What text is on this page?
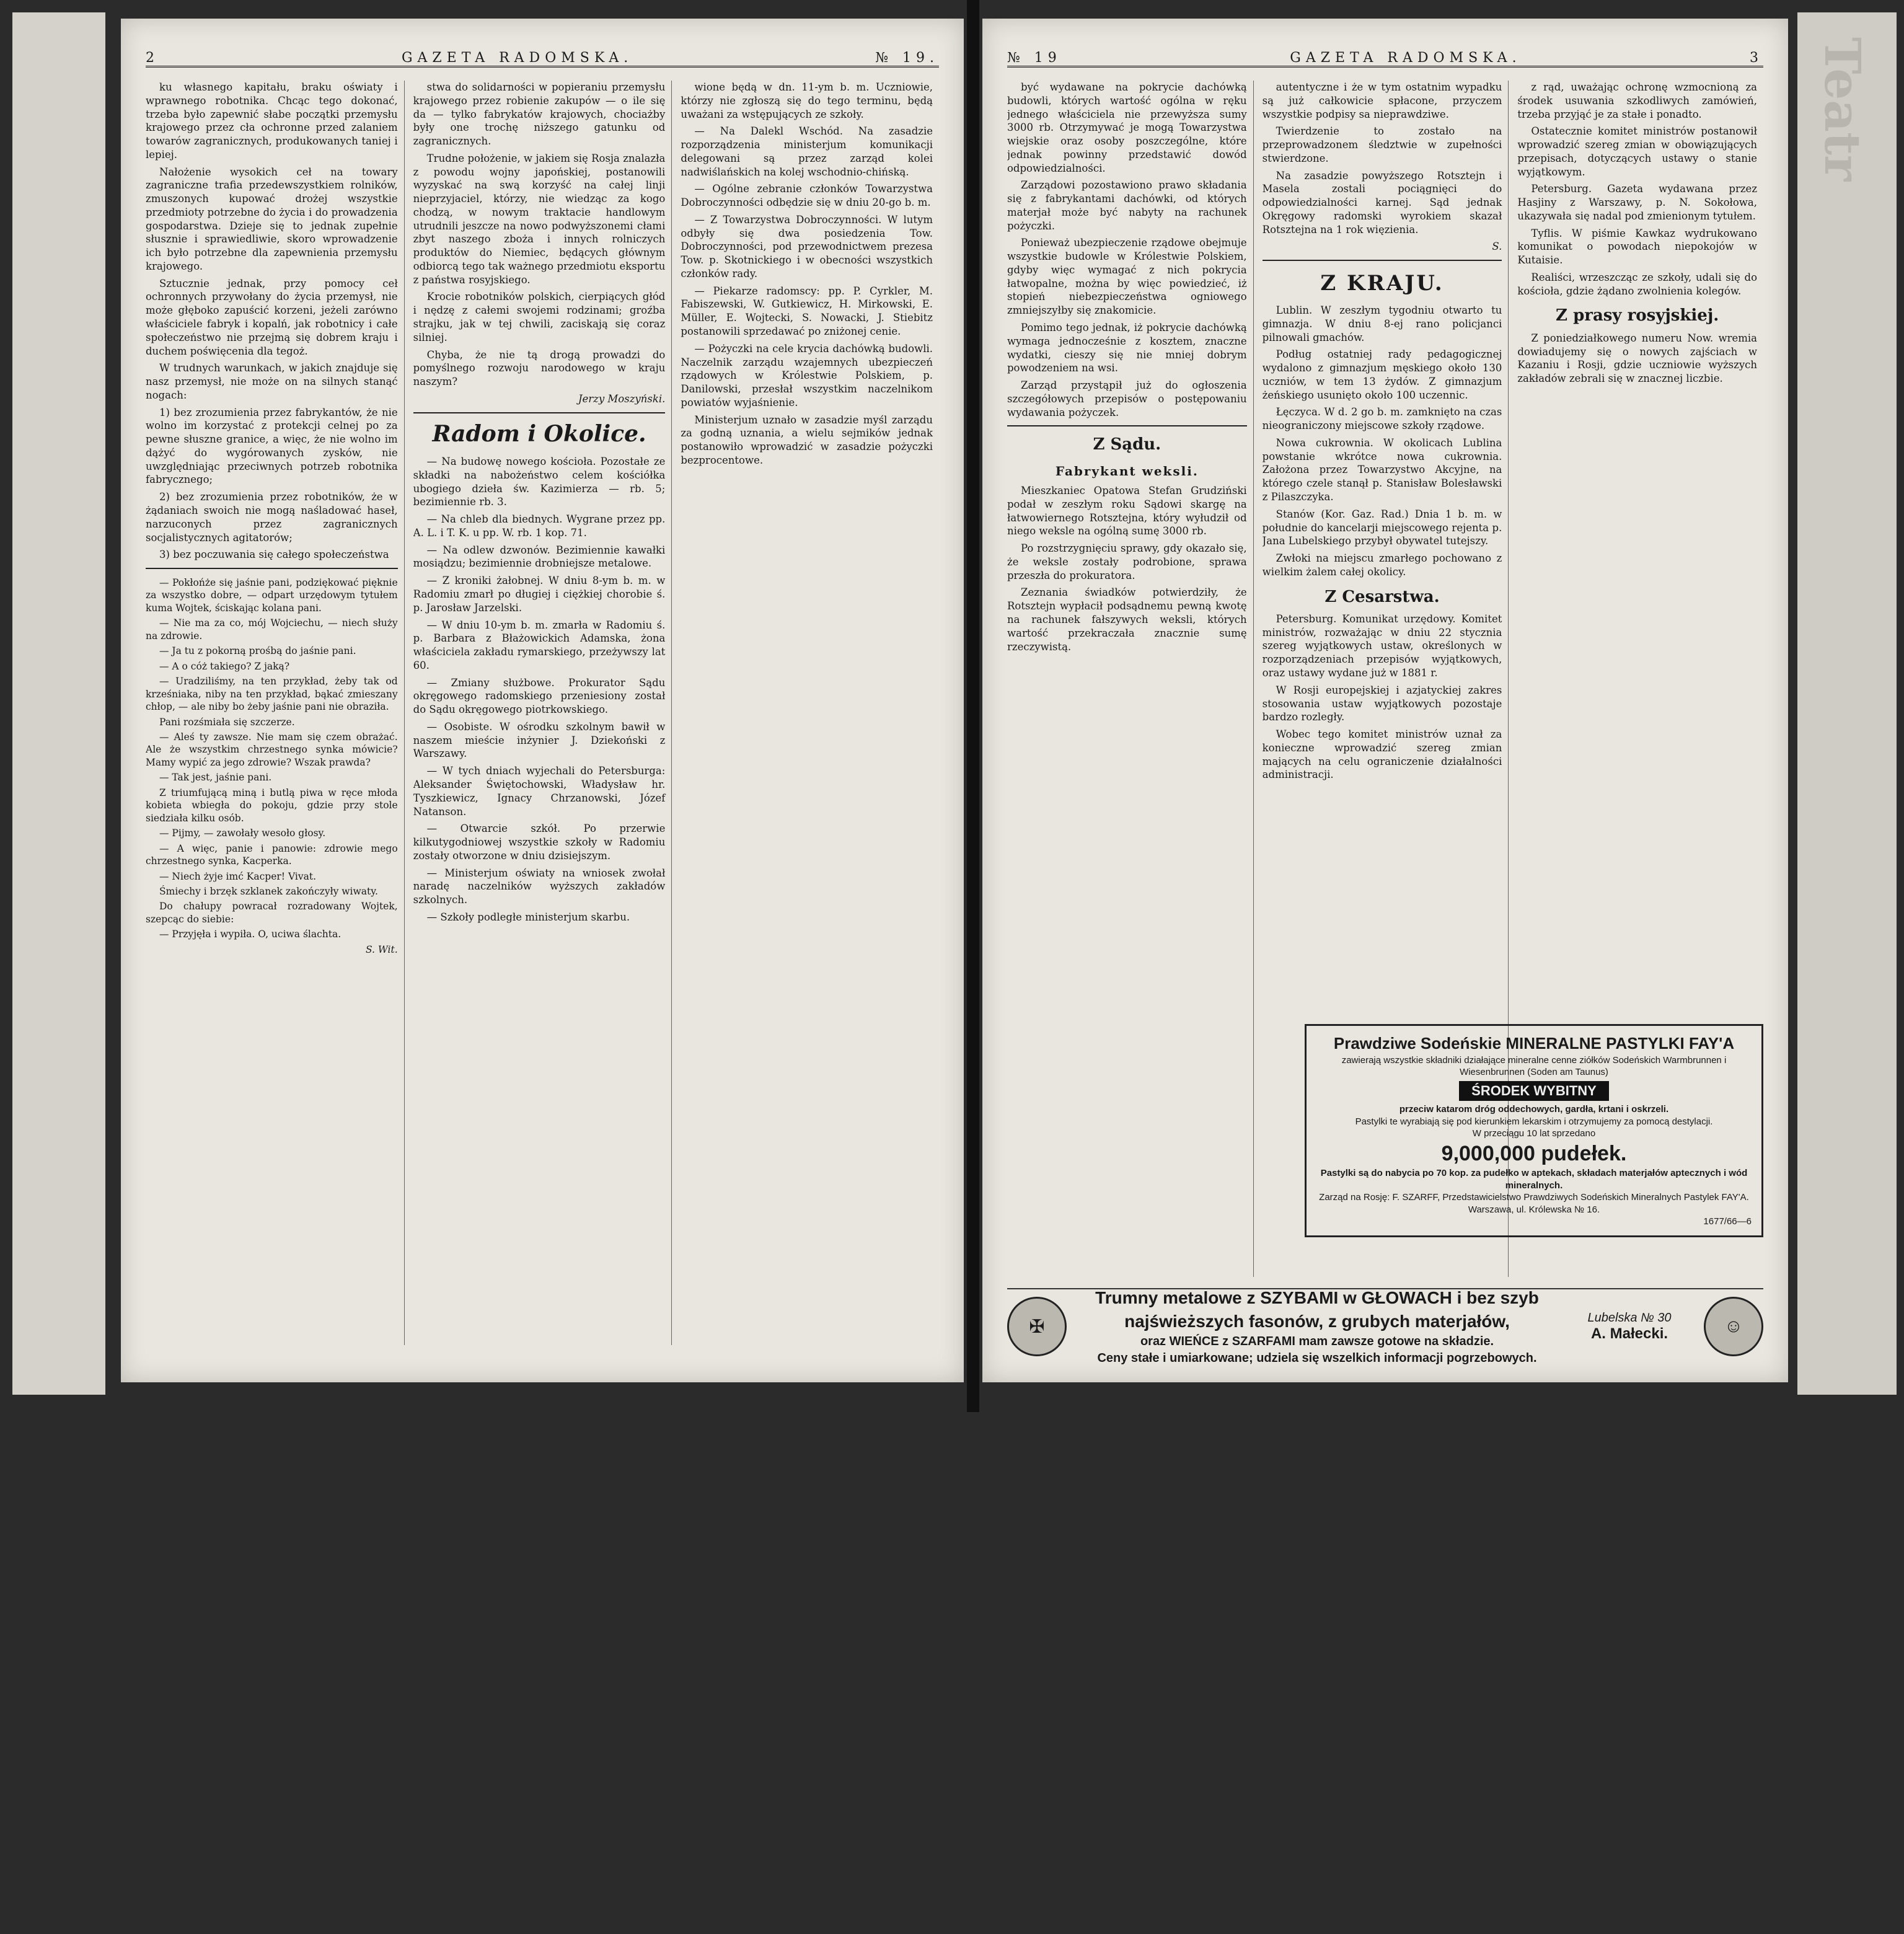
2	GAZETA RADOMSKA.	№ 19.

ku własnego kapitału, braku oświaty i wprawnego robotnika. Chcąc tego dokonać, trzeba było zapewnić słabe początki przemysłu krajowego przez cła ochronne przed zalaniem towarów zagranicznych, produkowanych taniej i lepiej.

Nałożenie wysokich ceł na towary zagraniczne trafia przedewszystkiem rolników, zmuszonych kupować drożej wszystkie przedmioty potrzebne do życia i do prowadzenia gospodarstwa. Dzieje się to jednak zupełnie słusznie i sprawiedliwie, skoro wprowadzenie ich było potrzebne dla zapewnienia przemysłu krajowego.

Sztucznie jednak, przy pomocy ceł ochronnych przywołany do życia przemysł, nie może głęboko zapuścić korzeni, jeżeli zarówno właściciele fabryk i kopalń, jak robotnicy i całe społeczeństwo nie przejmą się dobrem kraju i duchem poświęcenia dla tegoż.

W trudnych warunkach, w jakich znajduje się nasz przemysł, nie może on na silnych stanąć nogach:

1) bez zrozumienia przez fabrykantów, że nie wolno im korzystać z protekcji celnej po za pewne słuszne granice, a więc, że nie wolno im dążyć do wygórowanych zysków, nie uwzględniając przeciwnych potrzeb robotnika fabrycznego;

2) bez zrozumienia przez robotników, że w żądaniach swoich nie mogą naśladować haseł, narzuconych przez zagranicznych socjalistycznych agitatorów;

3) bez poczuwania się całego społeczeństwa

— Pokłońże się jaśnie pani, podziękować pięknie za wszystko dobre, — odpart urzędowym tytułem kuma Wojtek, ściskając kolana pani.

— Nie ma za co, mój Wojciechu, — niech służy na zdrowie.

— Ja tu z pokorną prośbą do jaśnie pani.

— A o cóż takiego? Z jaką?

— Uradziliśmy, na ten przykład, żeby tak od krześniaka, niby na ten przykład, bąkać zmieszany chłop, — ale niby bo żeby jaśnie pani nie obraziła.

Pani rozśmiała się szczerze.

— Aleś ty zawsze. Nie mam się czem obrażać. Ale że wszystkim chrzestnego synka mówicie? Mamy wypić za jego zdrowie? Wszak prawda?

— Tak jest, jaśnie pani.

Z triumfującą miną i butlą piwa w ręce młoda kobieta wbiegła do pokoju, gdzie przy stole siedziała kilku osób.

— Pijmy, — zawołały wesoło głosy.

— A więc, panie i panowie: zdrowie mego chrzestnego synka, Kacperka.

— Niech żyje imć Kacper! Vivat.

Śmiechy i brzęk szklanek zakończyły wiwaty.

Do chałupy powracał rozradowany Wojtek, szepcąc do siebie:

— Przyjęła i wypiła. O, uciwa ślachta.

S. Wit.

stwa do solidarności w popieraniu przemysłu krajowego przez robienie zakupów — o ile się da — tylko fabrykatów krajowych, chociażby były one trochę niższego gatunku od zagranicznych.

Trudne położenie, w jakiem się Rosja znalazła z powodu wojny japońskiej, postanowili wyzyskać na swą korzyść na całej linji nieprzyjaciel, którzy, nie wiedząc za kogo chodzą, w nowym traktacie handlowym utrudnili jeszcze na nowo podwyższonemi cłami zbyt naszego zboża i innych rolniczych produktów do Niemiec, będących głównym odbiorcą tego tak ważnego przedmiotu eksportu z państwa rosyjskiego.

Krocie robotników polskich, cierpiących głód i nędzę z całemi swojemi rodzinami; groźba strajku, jak w tej chwili, zaciskają się coraz silniej.

Chyba, że nie tą drogą prowadzi do pomyślnego rozwoju narodowego w kraju naszym?

Jerzy Moszyński.

Radom i Okolice.

— Na budowę nowego kościoła. Pozostałe ze składki na nabożeństwo celem kościółka ubogiego dzieła św. Kazimierza — rb. 5; bezimiennie rb. 3.

— Na chleb dla biednych. Wygrane przez pp. A. L. i T. K. u pp. W. rb. 1 kop. 71.

— Na odlew dzwonów. Bezimiennie kawałki mosiądzu; bezimiennie drobniejsze metalowe.

— Z kroniki żałobnej. W dniu 8-ym b. m. w Radomiu zmarł po długiej i ciężkiej chorobie ś. p. Jarosław Jarzelski.

— W dniu 10-ym b. m. zmarła w Radomiu ś. p. Barbara z Błażowickich Adamska, żona właściciela zakładu rymarskiego, przeżywszy lat 60.

— Zmiany służbowe. Prokurator Sądu okręgowego radomskiego przeniesiony został do Sądu okręgowego piotrkowskiego.

— Osobiste. W ośrodku szkolnym bawił w naszem mieście inżynier J. Dziekoński z Warszawy.

— W tych dniach wyjechali do Petersburga: Aleksander Świętochowski, Władysław hr. Tyszkiewicz, Ignacy Chrzanowski, Józef Natanson.

— Otwarcie szkół. Po przerwie kilkutygodniowej wszystkie szkoły w Radomiu zostały otworzone w dniu dzisiejszym.

— Ministerjum oświaty na wniosek zwołał naradę naczelników wyższych zakładów szkolnych.

— Szkoły podległe ministerjum skarbu.

wione będą w dn. 11-ym b. m. Uczniowie, którzy nie zgłoszą się do tego terminu, będą uważani za wstępujących ze szkoły.

— Na Dalekl Wschód. Na zasadzie rozporządzenia ministerjum komunikacji delegowani są przez zarząd kolei nadwiślańskich na kolej wschodnio-chińską.

— Ogólne zebranie członków Towarzystwa Dobroczynności odbędzie się w dniu 20-go b. m.

— Z Towarzystwa Dobroczynności. W lutym odbyły się dwa posiedzenia Tow. Dobroczynności, pod przewodnictwem prezesa Tow. p. Skotnickiego i w obecności wszystkich członków rady.

— Piekarze radomscy: pp. P. Cyrkler, M. Fabiszewski, W. Gutkiewicz, H. Mirkowski, E. Müller, E. Wojtecki, S. Nowacki, J. Stiebitz postanowili sprzedawać po zniżonej cenie.

— Pożyczki na cele krycia dachówką budowli. Naczelnik zarządu wzajemnych ubezpieczeń rządowych w Królestwie Polskiem, p. Danilowski, przesłał wszystkim naczelnikom powiatów wyjaśnienie.

Ministerjum uznało w zasadzie myśl zarządu za godną uznania, a wielu sejmików jednak postanowiło wprowadzić w zasadzie pożyczki bezprocentowe.

№ 19	GAZETA RADOMSKA.	3

być wydawane na pokrycie dachówką budowli, których wartość ogólna w ręku jednego właściciela nie przewyższa sumy 3000 rb. Otrzymywać je mogą Towarzystwa wiejskie oraz osoby poszczególne, które jednak powinny przedstawić dowód odpowiedzialności.

Zarządowi pozostawiono prawo składania się z fabrykantami dachówki, od których materjał może być nabyty na rachunek pożyczki.

Ponieważ ubezpieczenie rządowe obejmuje wszystkie budowle w Królestwie Polskiem, gdyby więc wymagać z nich pokrycia łatwopalne, można by więc powiedzieć, iż stopień niebezpieczeństwa ogniowego zmniejszyłby się znakomicie.

Pomimo tego jednak, iż pokrycie dachówką wymaga jednocześnie z kosztem, znaczne wydatki, cieszy się nie mniej dobrym powodzeniem na wsi.

Zarząd przystąpił już do ogłoszenia szczegółowych przepisów o postępowaniu wydawania pożyczek.

Z Sądu.
Fabrykant weksli.

Mieszkaniec Opatowa Stefan Grudziński podał w zeszłym roku Sądowi skargę na łatwowiernego Rotsztejna, który wyłudził od niego weksle na ogólną sumę 3000 rb.

Po rozstrzygnięciu sprawy, gdy okazało się, że weksle zostały podrobione, sprawa przeszła do prokuratora.

Zeznania świadków potwierdziły, że Rotsztejn wypłacił podsądnemu pewną kwotę na rachunek fałszywych weksli, których wartość przekraczała znacznie sumę rzeczywistą.

autentyczne i że w tym ostatnim wypadku są już całkowicie spłacone, przyczem wszystkie podpisy sa nieprawdziwe.

Twierdzenie to zostało na przeprowadzonem śledztwie w zupełności stwierdzone.

Na zasadzie powyższego Rotsztejn i Masela zostali pociągnięci do odpowiedzialności karnej. Sąd jednak Okręgowy radomski wyrokiem skazał Rotsztejna na 1 rok więzienia.

S.

Z KRAJU.

Lublin. W zeszłym tygodniu otwarto tu gimnazja. W dniu 8-ej rano policjanci pilnowali gmachów.

Podług ostatniej rady pedagogicznej wydalono z gimnazjum męskiego około 130 uczniów, w tem 13 żydów. Z gimnazjum żeńskiego usunięto około 100 uczennic.

Łęczyca. W d. 2 go b. m. zamknięto na czas nieograniczony miejscowe szkoły rządowe.

Nowa cukrownia. W okolicach Lublina powstanie wkrótce nowa cukrownia. Założona przez Towarzystwo Akcyjne, na którego czele stanął p. Stanisław Bolesławski z Pilaszczyka.

Stanów (Kor. Gaz. Rad.) Dnia 1 b. m. w południe do kancelarji miejscowego rejenta p. Jana Lubelskiego przybył obywatel tutejszy.

Zwłoki na miejscu zmarłego pochowano z wielkim żalem całej okolicy.

Z Cesarstwa.

Petersburg. Komunikat urzędowy. Komitet ministrów, rozważając w dniu 22 stycznia szereg wyjątkowych ustaw, określonych w rozporządzeniach przepisów wyjątkowych, oraz ustawy wydane już w 1881 r.

W Rosji europejskiej i azjatyckiej zakres stosowania ustaw wyjątkowych pozostaje bardzo rozległy.

Wobec tego komitet ministrów uznał za konieczne wprowadzić szereg zmian mających na celu ograniczenie działalności administracji.

z rąd, uważając ochronę wzmocnioną za środek usuwania szkodliwych zamówień, trzeba przyjąć je za stałe i ponadto.

Ostatecznie komitet ministrów postanowił wprowadzić szereg zmian w obowiązujących przepisach, dotyczących ustawy o stanie wyjątkowym.

Petersburg. Gazeta wydawana przez Hasjiny z Warszawy, p. N. Sokołowa, ukazywała się nadal pod zmienionym tytułem.

Tyflis. W piśmie Kawkaz wydrukowano komunikat o powodach niepokojów w Kutaisie.

Realiści, wrzeszcząc ze szkoły, udali się do kościoła, gdzie żądano zwolnienia kolegów.

Z prasy rosyjskiej.

Z poniedziałkowego numeru Now. wremia dowiadujemy się o nowych zajściach w Kazaniu i Rosji, gdzie uczniowie wyższych zakładów zebrali się w znacznej liczbie.

Prawdziwe Sodeńskie MINERALNE PASTYLKI FAY'A
zawierają wszystkie składniki działające mineralne cenne ziółków Sodeńskich Warmbrunnen i Wiesenbrunnen (Soden am Taunus)
ŚRODEK WYBITNY
przeciw katarom dróg oddechowych, gardła, krtani i oskrzeli.
Pastylki te wyrabiają się pod kierunkiem lekarskim i otrzymujemy za pomocą destylacji.
W przeciągu 10 lat sprzedano
9,000,000 pudełek.
Pastylki są do nabycia po 70 kop. za pudełko w aptekach, składach materjałów aptecznych i wód mineralnych.
Zarząd na Rosję: F. SZARFF, Przedstawicielstwo Prawdziwych Sodeńskich Mineralnych Pastylek FAY'A. Warszawa, ul. Królewska № 16.
1677/66—6
✠
Trumny metalowe z SZYBAMI w GŁOWACH i bez szyb najświeższych fasonów, z grubych materjałów,
oraz WIEŃCE z SZARFAMI mam zawsze gotowe na składzie.
Ceny stałe i umiarkowane; udziela się wszelkich informacji pogrzebowych.
Lubelska № 30
A. Małecki.	☺
Teatr
